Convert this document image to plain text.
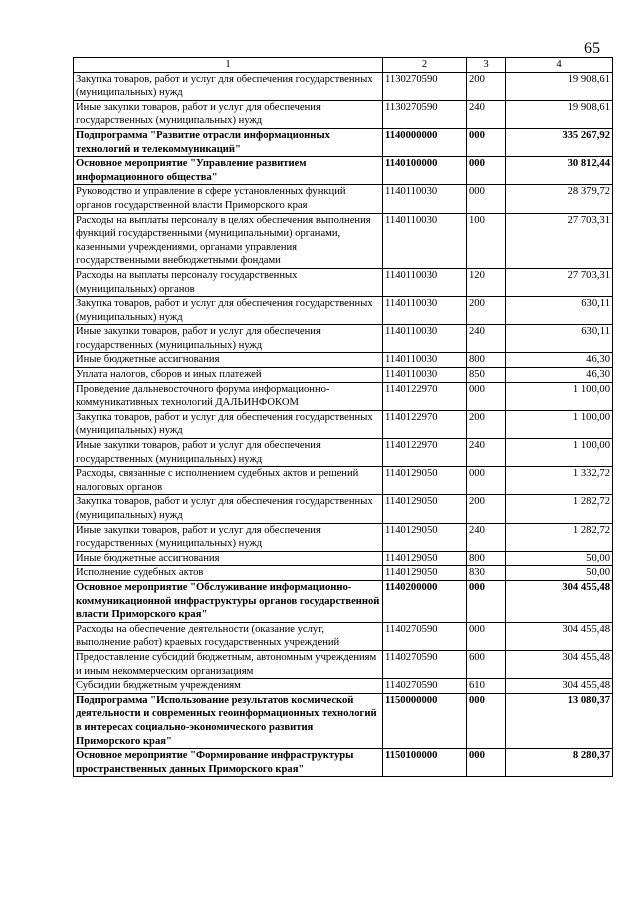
65
1	2	3	4
Закупка товаров, работ и услуг для обеспечения государственных (муниципальных) нужд	1130270590	200	19 908,61
Иные закупки товаров, работ и услуг для обеспечения государственных (муниципальных) нужд	1130270590	240	19 908,61
Подпрограмма "Развитие отрасли информационных технологий и телекоммуникаций"	1140000000	000	335 267,92
Основное мероприятие "Управление развитием информационного общества"	1140100000	000	30 812,44
Руководство и управление в сфере установленных функций органов государственной власти Приморского края	1140110030	000	28 379,72
Расходы на выплаты персоналу в целях обеспечения выполнения функций государственными (муниципальными) органами, казенными учреждениями, органами управления государственными внебюджетными фондами	1140110030	100	27 703,31
Расходы на выплаты персоналу государственных (муниципальных) органов	1140110030	120	27 703,31
Закупка товаров, работ и услуг для обеспечения государственных (муниципальных) нужд	1140110030	200	630,11
Иные закупки товаров, работ и услуг для обеспечения государственных (муниципальных) нужд	1140110030	240	630,11
Иные бюджетные ассигнования	1140110030	800	46,30
Уплата налогов, сборов и иных платежей	1140110030	850	46,30
Проведение дальневосточного форума информационно-коммуникативных технологий ДАЛЬИНФОКОМ	1140122970	000	1 100,00
Закупка товаров, работ и услуг для обеспечения государственных (муниципальных) нужд	1140122970	200	1 100,00
Иные закупки товаров, работ и услуг для обеспечения государственных (муниципальных) нужд	1140122970	240	1 100,00
Расходы, связанные с исполнением судебных актов и решений налоговых органов	1140129050	000	1 332,72
Закупка товаров, работ и услуг для обеспечения государственных (муниципальных) нужд	1140129050	200	1 282,72
Иные закупки товаров, работ и услуг для обеспечения государственных (муниципальных) нужд	1140129050	240	1 282,72
Иные бюджетные ассигнования	1140129050	800	50,00
Исполнение судебных актов	1140129050	830	50,00
Основное мероприятие "Обслуживание информационно-коммуникационной инфраструктуры органов государственной власти Приморского края"	1140200000	000	304 455,48
Расходы на обеспечение деятельности (оказание услуг, выполнение работ) краевых государственных учреждений	1140270590	000	304 455,48
Предоставление субсидий бюджетным, автономным учреждениям и иным некоммерческим организациям	1140270590	600	304 455,48
Субсидии бюджетным учреждениям	1140270590	610	304 455,48
Подпрограмма "Использование результатов космической деятельности и современных геоинформационных технологий в интересах социально-экономического развития Приморского края"	1150000000	000	13 080,37
Основное мероприятие "Формирование инфраструктуры пространственных данных Приморского края"	1150100000	000	8 280,37
